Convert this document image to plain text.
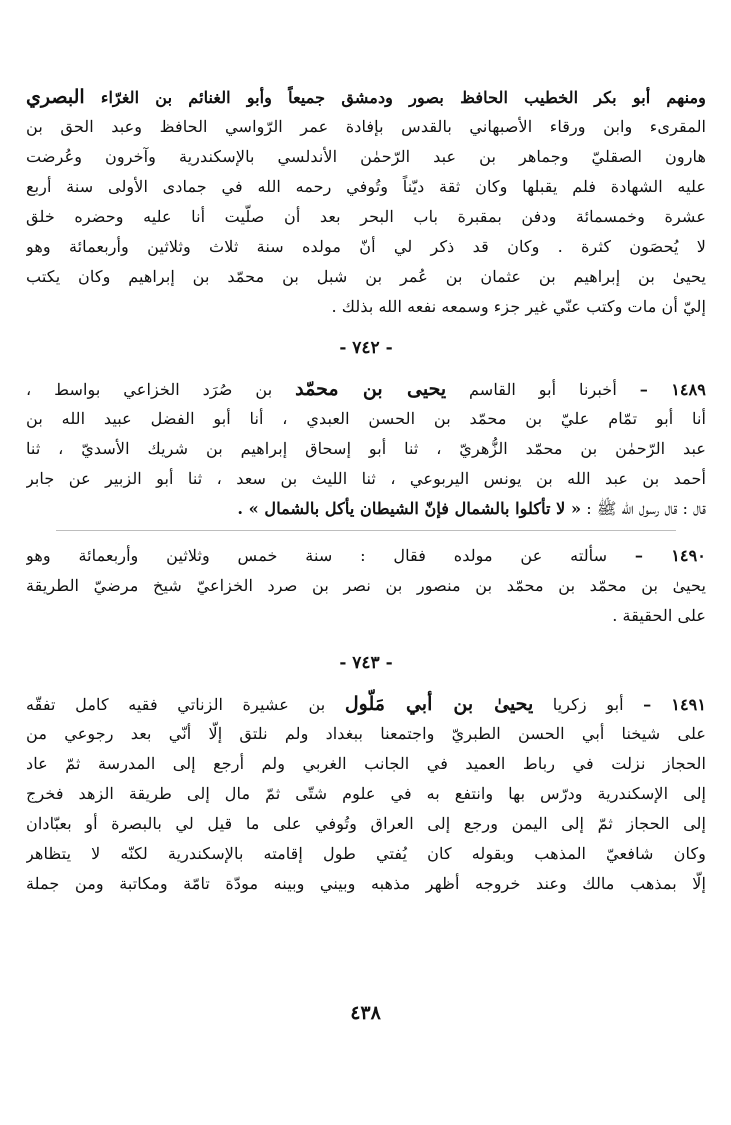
ومنهم أبو بكر الخطيب الحافظ بصور ودمشق جميعاً وأبو الغنائم بن الغرّاء البصري
المقرىء وابن ورقاء الأصبهاني بالقدس بإفادة عمر الرّواسي الحافظ وعبد الحق بن
هارون الصقليّ وجماهر بن عبد الرّحمٰن الأندلسي بالإسكندرية وآخرون وعُرضت
عليه الشهادة فلم يقبلها وكان ثقة ديّناً وتُوفي رحمه الله في جمادى الأولى سنة أربع
عشرة وخمسمائة ودفن بمقبرة باب البحر بعد أن صلّيت أنا عليه وحضره خلق
لا يُحصَون كثرة . وكان قد ذكر لي أنّ مولده سنة ثلاث وثلاثين وأربعمائة وهو
يحيىٰ بن إبراهيم بن عثمان بن عُمر بن شبل بن محمّد بن إبراهيم وكان يكتب
إليّ أن مات وكتب عنّي غير جزء وسمعه نفعه الله بذلك .
- ٧٤٢ -
١٤٨٩ – أخبرنا أبو القاسم يحيى بن محمّد بن صُرَد الخزاعي بواسط ،
أنا أبو تمّام عليّ بن محمّد بن الحسن العبدي ، أنا أبو الفضل عبيد الله بن
عبد الرّحمٰن بن محمّد الزُّهريّ ، ثنا أبو إسحاق إبراهيم بن شريك الأسديّ ، ثنا
أحمد بن عبد الله بن يونس اليربوعي ، ثنا الليث بن سعد ، ثنا أبو الزبير عن جابر
قال : قال رسول الله ﷺ : « لا تأكلوا بالشمال فإنّ الشيطان يأكل بالشمال » .
١٤٩٠ – سألته عن مولده فقال : سنة خمس وثلاثين وأربعمائة وهو
يحيىٰ بن محمّد بن محمّد بن منصور بن نصر بن صرد الخزاعيّ شيخ مرضيّ الطريقة
على الحقيقة .
- ٧٤٣ -
١٤٩١ – أبو زكريا يحيىٰ بن أبي مَلّول بن عشيرة الزناتي فقيه كامل تفقّه
على شيخنا أبي الحسن الطبريّ واجتمعنا ببغداد ولم نلتق إلّا أنّي بعد رجوعي من
الحجاز نزلت في رباط العميد في الجانب الغربي ولم أرجع إلى المدرسة ثمّ عاد
إلى الإسكندرية ودرّس بها وانتفع به في علوم شتّى ثمّ مال إلى طريقة الزهد فخرج
إلى الحجاز ثمّ إلى اليمن ورجع إلى العراق وتُوفي على ما قيل لي بالبصرة أو بعبّادان
وكان شافعيّ المذهب وبقوله كان يُفتي طول إقامته بالإسكندرية لكنّه لا يتظاهر
إلّا بمذهب مالك وعند خروجه أظهر مذهبه وبيني وبينه مودّة تامّة ومكاتبة ومن جملة
٤٣٨
